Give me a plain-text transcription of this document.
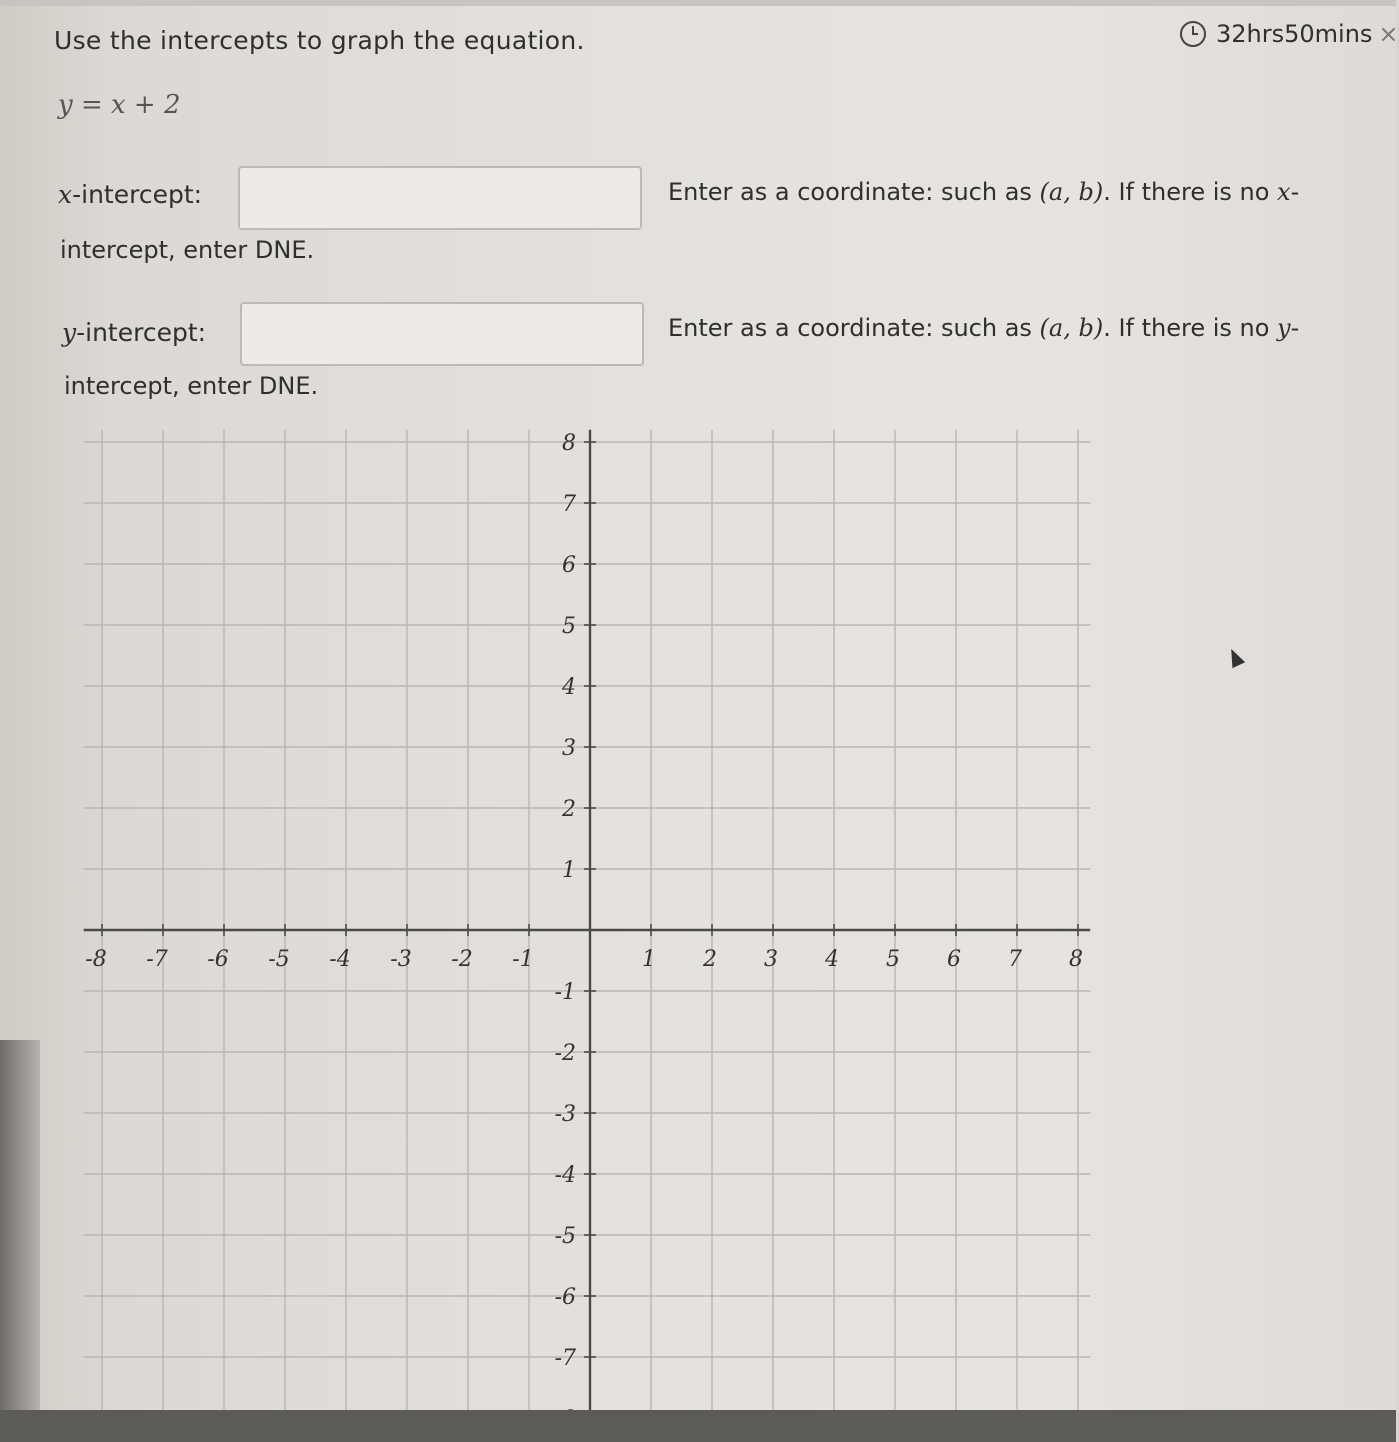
Use the intercepts to graph the equation.	32hrs50mins ×
y = x + 2
x-intercept:	Enter as a coordinate: such as (a, b). If there is no x-
intercept, enter DNE.
y-intercept:	Enter as a coordinate: such as (a, b). If there is no y-
intercept, enter DNE.
-8 -7 -6 -5 -4 -3 -2 -1	1 2 3 4 5 6 7 8
8
7
6
5
4
3
2
1
-1
-2
-3
-4
-5
-6
-7
